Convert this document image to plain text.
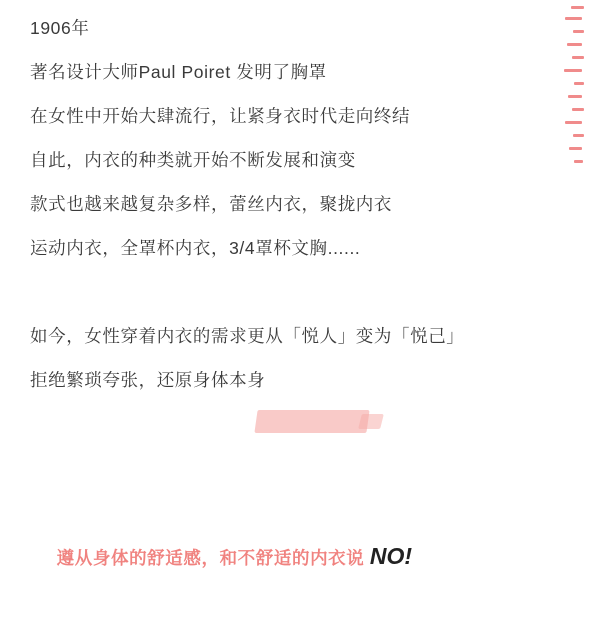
1906年
著名设计大师Paul Poiret 发明了胸罩
在女性中开始大肆流行，让紧身衣时代走向终结
自此，内衣的种类就开始不断发展和演变
款式也越来越复杂多样，蕾丝内衣，聚拢内衣
运动内衣，全罩杯内衣，3/4罩杯文胸......
如今，女性穿着内衣的需求更从「悦人」变为「悦己」
拒绝繁琐夸张，还原身体本身

遵从身体的舒适感，和不舒适的内衣说 NO!
